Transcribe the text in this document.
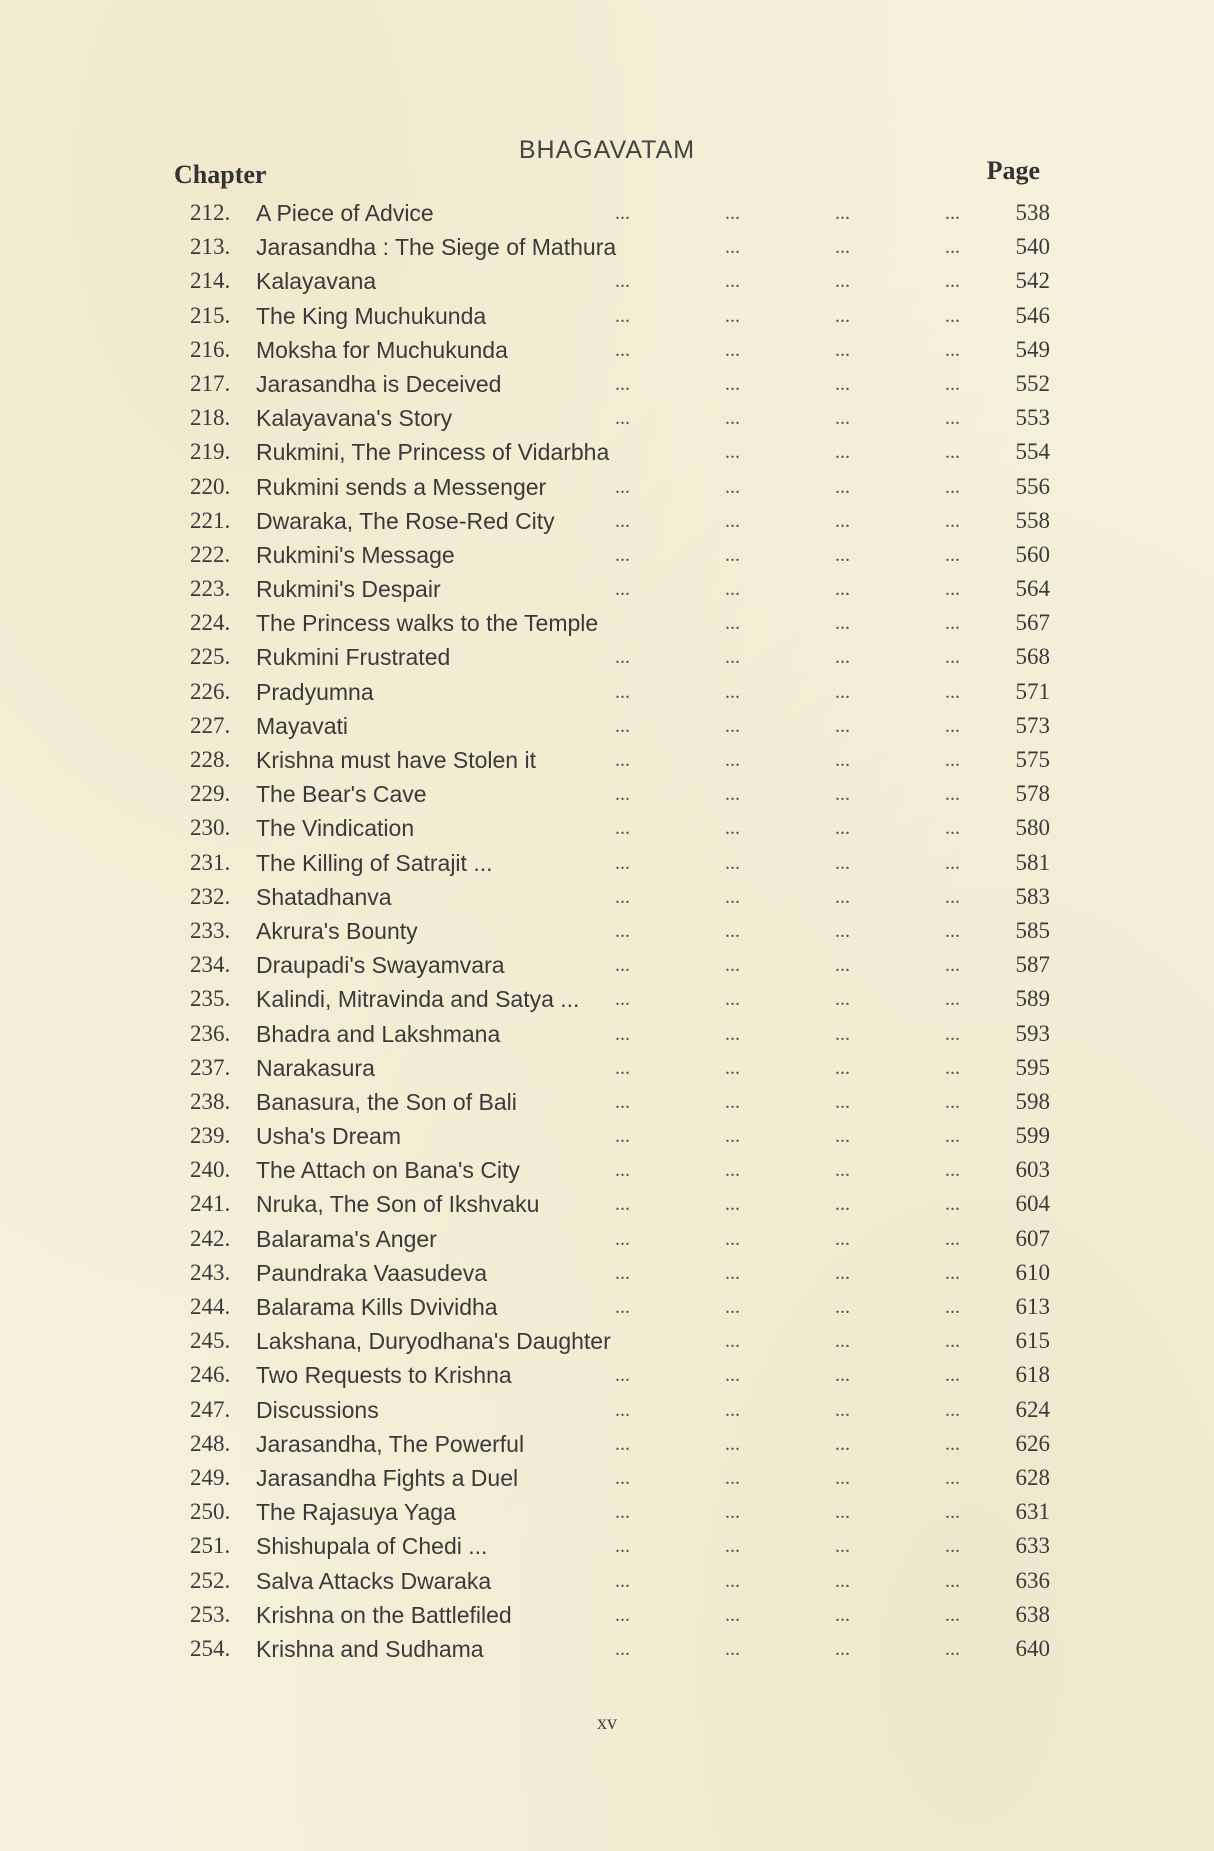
BHAGAVATAM
Chapter	Page
212.	A Piece of Advice	...	...	...	...	538
213.	Jarasandha : The Siege of Mathura	...	...	...	540
214.	Kalayavana	...	...	...	...	542
215.	The King Muchukunda	...	...	...	...	546
216.	Moksha for Muchukunda	...	...	...	...	549
217.	Jarasandha is Deceived	...	...	...	...	552
218.	Kalayavana's Story	...	...	...	...	553
219.	Rukmini, The Princess of Vidarbha	...	...	...	554
220.	Rukmini sends a Messenger	...	...	...	...	556
221.	Dwaraka, The Rose-Red City	...	...	...	...	558
222.	Rukmini's Message	...	...	...	...	560
223.	Rukmini's Despair	...	...	...	...	564
224.	The Princess walks to the Temple	...	...	...	567
225.	Rukmini Frustrated	...	...	...	...	568
226.	Pradyumna	...	...	...	...	571
227.	Mayavati	...	...	...	...	573
228.	Krishna must have Stolen it	...	...	...	...	575
229.	The Bear's Cave	...	...	...	...	578
230.	The Vindication	...	...	...	...	580
231.	The Killing of Satrajit ...	...	...	...	...	581
232.	Shatadhanva	...	...	...	...	583
233.	Akrura's Bounty	...	...	...	...	585
234.	Draupadi's Swayamvara	...	...	...	...	587
235.	Kalindi, Mitravinda and Satya ...	...	...	...	...	589
236.	Bhadra and Lakshmana	...	...	...	...	593
237.	Narakasura	...	...	...	...	595
238.	Banasura, the Son of Bali	...	...	...	...	598
239.	Usha's Dream	...	...	...	...	599
240.	The Attach on Bana's City	...	...	...	...	603
241.	Nruka, The Son of Ikshvaku	...	...	...	...	604
242.	Balarama's Anger	...	...	...	...	607
243.	Paundraka Vaasudeva	...	...	...	...	610
244.	Balarama Kills Dvividha	...	...	...	...	613
245.	Lakshana, Duryodhana's Daughter	...	...	...	615
246.	Two Requests to Krishna	...	...	...	...	618
247.	Discussions	...	...	...	...	624
248.	Jarasandha, The Powerful	...	...	...	...	626
249.	Jarasandha Fights a Duel	...	...	...	...	628
250.	The Rajasuya Yaga	...	...	...	...	631
251.	Shishupala of Chedi ...	...	...	...	...	633
252.	Salva Attacks Dwaraka	...	...	...	...	636
253.	Krishna on the Battlefiled	...	...	...	...	638
254.	Krishna and Sudhama	...	...	...	...	640
xv
